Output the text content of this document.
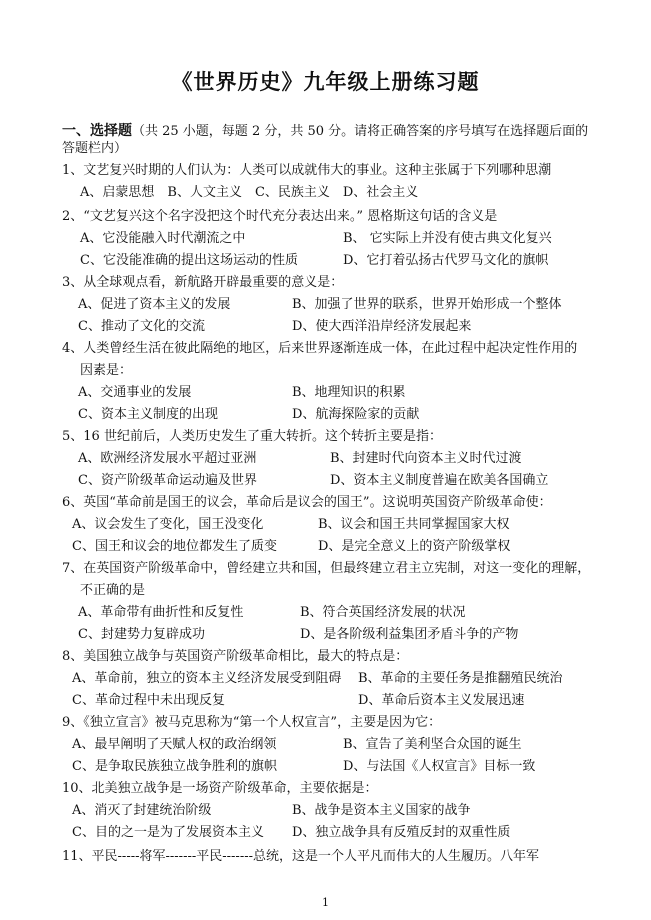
《世界历史》九年级上册练习题
一、选择题（共 25 小题，每题 2 分，共 50 分。请将正确答案的序号填写在选择题后面的
答题栏内）
1、文艺复兴时期的人们认为：人类可以成就伟大的事业。这种主张属于下列哪种思潮
A、启蒙思想　B、人文主义　C、民族主义　D、社会主义
2、“文艺复兴这个名字没把这个时代充分表达出来。” 恩格斯这句话的含义是
A、它没能融入时代潮流之中	B、 它实际上并没有使古典文化复兴
C、它没能准确的提出这场运动的性质	D、它打着弘扬古代罗马文化的旗帜
3、从全球观点看，新航路开辟最重要的意义是：
A、促进了资本主义的发展	B、加强了世界的联系，世界开始形成一个整体
C、推动了文化的交流	D、使大西洋沿岸经济发展起来
4、人类曾经生活在彼此隔绝的地区，后来世界逐渐连成一体，在此过程中起决定性作用的
因素是：
A、交通事业的发展	B、地理知识的积累
C、资本主义制度的出现	D、航海探险家的贡献
5、16 世纪前后，人类历史发生了重大转折。这个转折主要是指：
A、欧洲经济发展水平超过亚洲	B、封建时代向资本主义时代过渡
C、资产阶级革命运动遍及世界	D、资本主义制度普遍在欧美各国确立
6、英国“革命前是国王的议会，革命后是议会的国王”。这说明英国资产阶级革命使：
A、议会发生了变化，国王没变化	B、议会和国王共同掌握国家大权
C、国王和议会的地位都发生了质变	D、是完全意义上的资产阶级掌权
7、在英国资产阶级革命中，曾经建立共和国，但最终建立君主立宪制，对这一变化的理解，
不正确的是
A、革命带有曲折性和反复性	B、符合英国经济发展的状况
C、封建势力复辟成功	D、是各阶级利益集团矛盾斗争的产物
8、美国独立战争与英国资产阶级革命相比，最大的特点是：
A、革命前，独立的资本主义经济发展受到阻碍 B、革命的主要任务是推翻殖民统治
C、革命过程中未出现反复	D、革命后资本主义发展迅速
9、《独立宣言》被马克思称为“第一个人权宣言”，主要是因为它：
A、最早阐明了天赋人权的政治纲领	B、宣告了美利坚合众国的诞生
C、是争取民族独立战争胜利的旗帜	D、与法国《人权宣言》目标一致
10、北美独立战争是一场资产阶级革命，主要依据是：
A、消灭了封建统治阶级	B、战争是资本主义国家的战争
C、目的之一是为了发展资本主义 D、独立战争具有反殖反封的双重性质
11、平民-----将军-------平民-------总统，这是一个人平凡而伟大的人生履历。八年军
1
